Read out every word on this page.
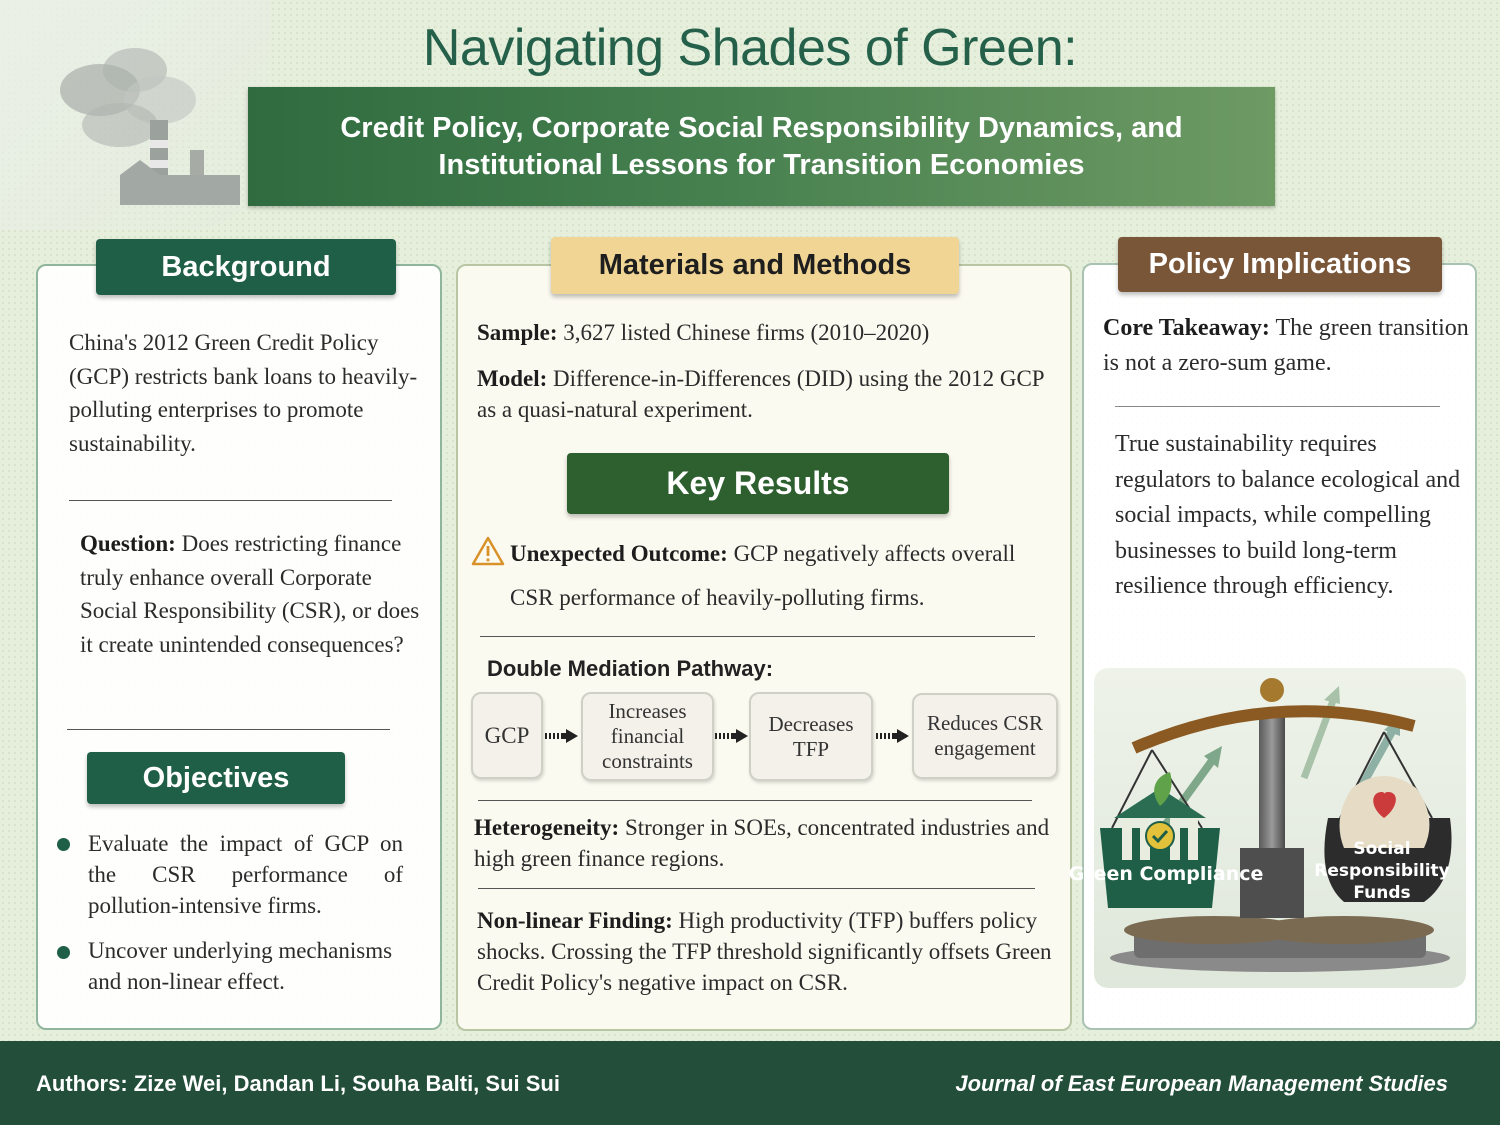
Navigating Shades of Green:
Credit Policy, Corporate Social Responsibility Dynamics, and
Institutional Lessons for Transition Economies
Background
China's 2012 Green Credit Policy (GCP) restricts bank loans to heavily-polluting enterprises to promote sustainability.
Question: Does restricting finance truly enhance overall Corporate Social Responsibility (CSR), or does it create unintended consequences?
Objectives
Evaluate the impact of GCP on the CSR performance of pollution-intensive firms.
Uncover underlying mechanisms and non-linear effect.
Materials and Methods
Sample: 3,627 listed Chinese firms (2010–2020)
Model: Difference-in-Differences (DID) using the 2012 GCP as a quasi-natural experiment.
Key Results
Unexpected Outcome: GCP negatively affects overall CSR performance of heavily-polluting firms.
Double Mediation Pathway:
GCP
Increases financial constraints
Decreases TFP
Reduces CSR engagement
Heterogeneity: Stronger in SOEs, concentrated industries and high green finance regions.
Non-linear Finding: High productivity (TFP) buffers policy shocks. Crossing the TFP threshold significantly offsets Green Credit Policy's negative impact on CSR.
Policy Implications
Core Takeaway: The green transition is not a zero-sum game.
True sustainability requires regulators to balance ecological and social impacts, while compelling businesses to build long-term resilience through efficiency.
Green Compliance
Social
Responsibility
Funds
Authors: Zize Wei, Dandan Li, Souha Balti, Sui Sui	Journal of East European Management Studies
